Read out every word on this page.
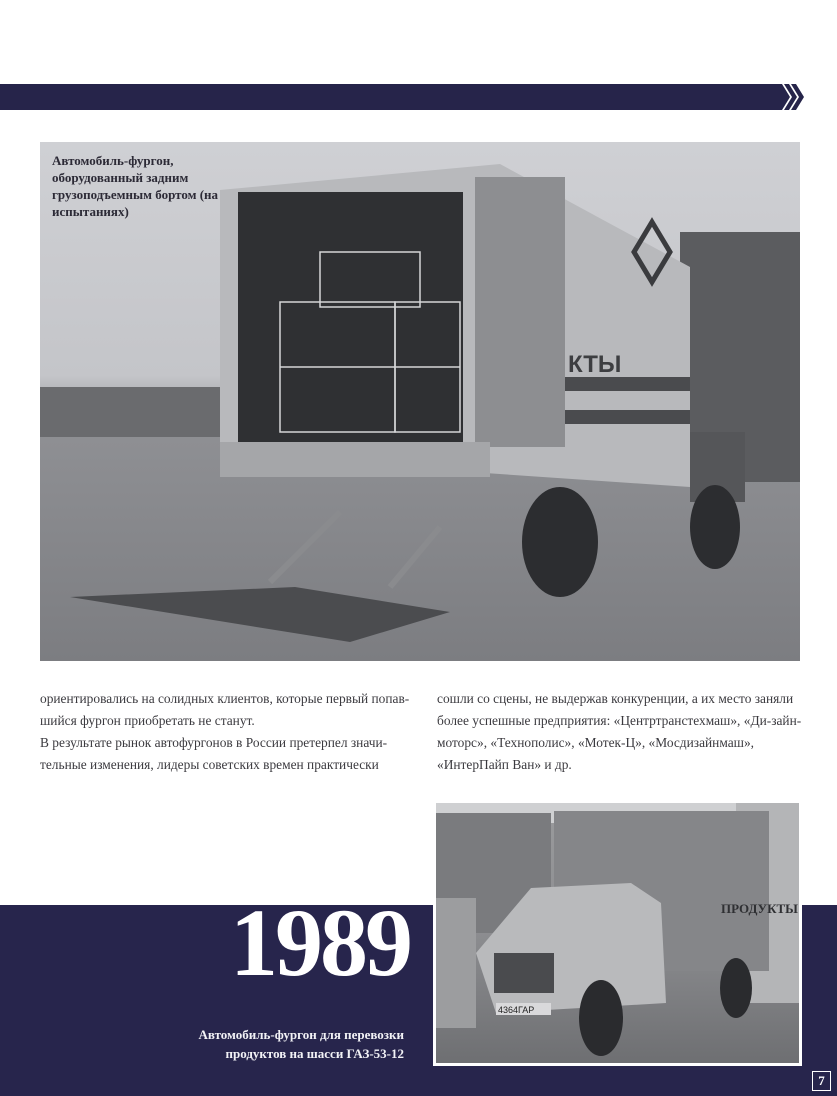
КТЫ
Автомобиль-фургон, оборудованный задним грузоподъемным бортом (на испытаниях)

ориентировались на солидных клиентов, которые первый попав-шийся фургон приобретать не станут.

В результате рынок автофургонов в России претерпел значи-тельные изменения, лидеры советских времен практически

сошли со сцены, не выдержав конкуренции, а их место заняли более успешные предприятия: «Центртранстехмаш», «Ди-зайн-моторс», «Технополис», «Мотек-Ц», «Мосдизайнмаш», «ИнтерПайп Ван» и др.

1989
Автомобиль-фургон для перевозки продуктов на шасси ГАЗ-53-12
ПРОДУКТЫ
4364ГАР
7
